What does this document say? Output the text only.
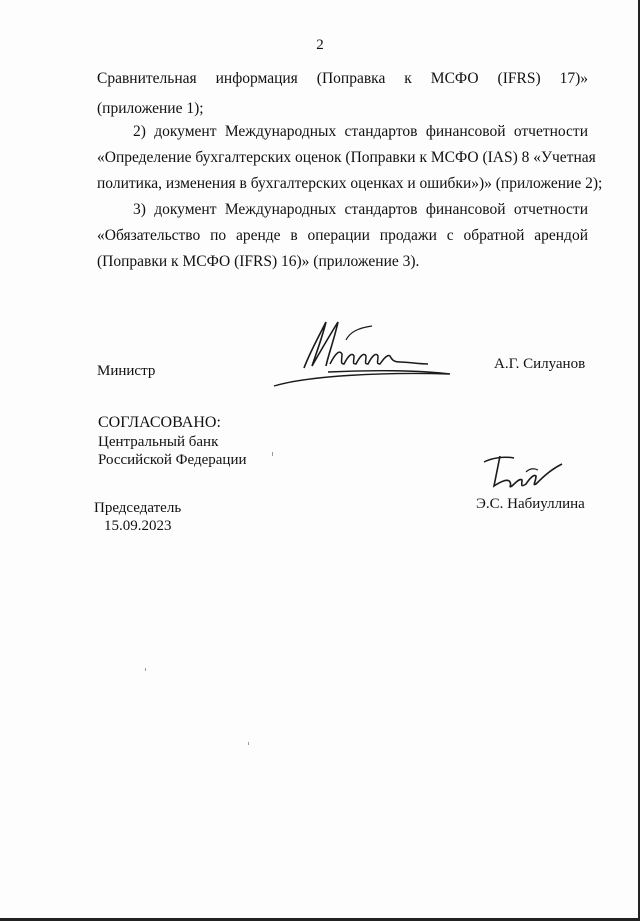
2
Сравнительная информация (Поправка к МСФО (IFRS) 17)»
(приложение 1);
2) документ Международных стандартов финансовой отчетности
«Определение бухгалтерских оценок (Поправки к МСФО (IAS) 8 «Учетная
политика, изменения в бухгалтерских оценках и ошибки»)» (приложение 2);
3) документ Международных стандартов финансовой отчетности
«Обязательство по аренде в операции продажи с обратной арендой
(Поправки к МСФО (IFRS) 16)» (приложение 3).
Министр	А.Г. Силуанов
СОГЛАСОВАНО:
Центральный банк
Российской Федерации
Председатель
15.09.2023
Э.С. Набиуллина
